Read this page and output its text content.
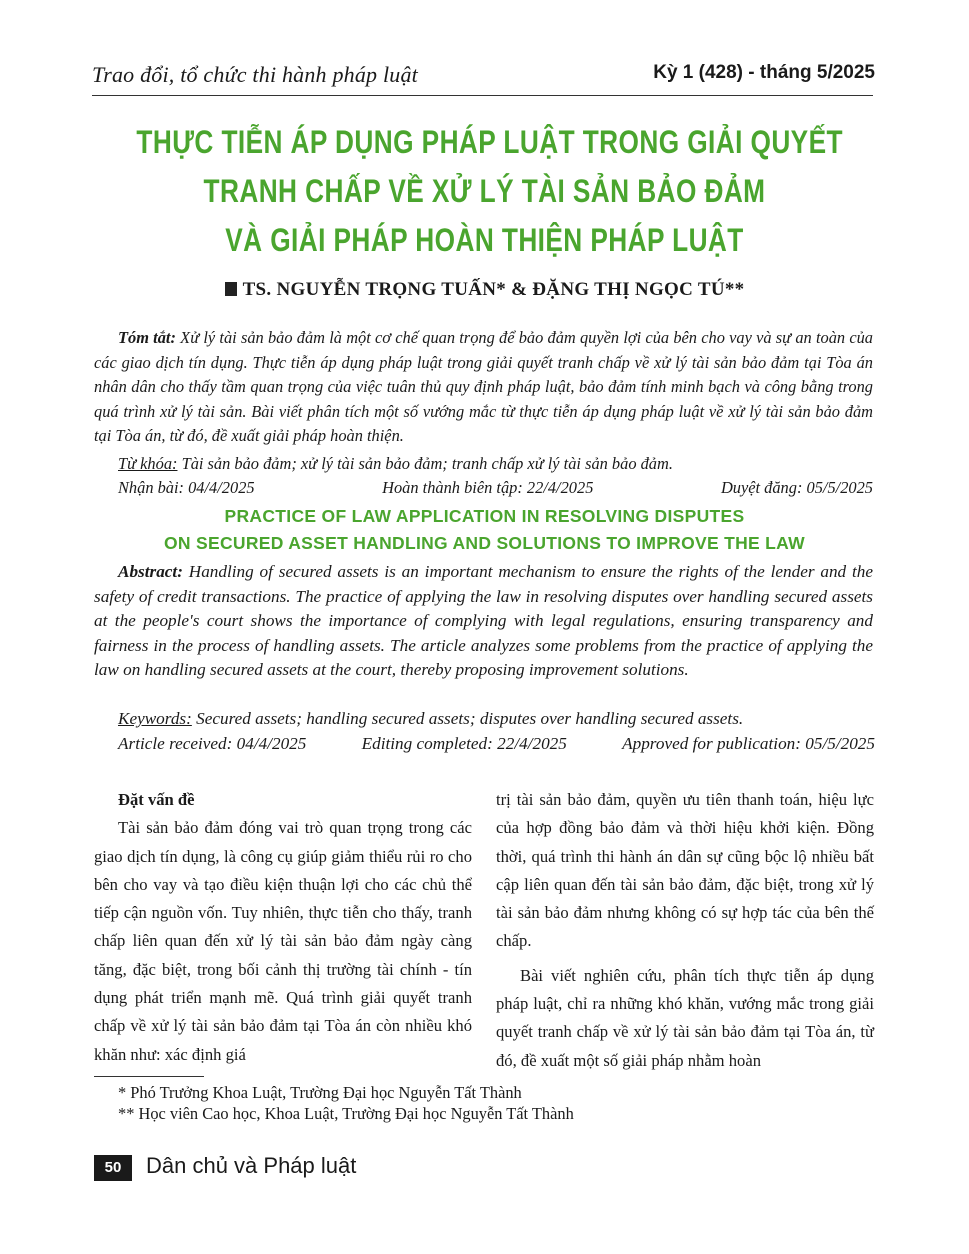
Trao đổi, tổ chức thi hành pháp luật	Kỳ 1 (428) - tháng 5/2025
THỰC TIỄN ÁP DỤNG PHÁP LUẬT TRONG GIẢI QUYẾT
TRANH CHẤP VỀ XỬ LÝ TÀI SẢN BẢO ĐẢM
VÀ GIẢI PHÁP HOÀN THIỆN PHÁP LUẬT
TS. NGUYỄN TRỌNG TUẤN* & ĐẶNG THỊ NGỌC TÚ**
Tóm tắt: Xử lý tài sản bảo đảm là một cơ chế quan trọng để bảo đảm quyền lợi của bên cho vay và sự an toàn của các giao dịch tín dụng. Thực tiễn áp dụng pháp luật trong giải quyết tranh chấp về xử lý tài sản bảo đảm tại Tòa án nhân dân cho thấy tầm quan trọng của việc tuân thủ quy định pháp luật, bảo đảm tính minh bạch và công bằng trong quá trình xử lý tài sản. Bài viết phân tích một số vướng mắc từ thực tiễn áp dụng pháp luật về xử lý tài sản bảo đảm tại Tòa án, từ đó, đề xuất giải pháp hoàn thiện.
Từ khóa: Tài sản bảo đảm; xử lý tài sản bảo đảm; tranh chấp xử lý tài sản bảo đảm.
Nhận bài: 04/4/2025	Hoàn thành biên tập: 22/4/2025	Duyệt đăng: 05/5/2025
PRACTICE OF LAW APPLICATION IN RESOLVING DISPUTES
ON SECURED ASSET HANDLING AND SOLUTIONS TO IMPROVE THE LAW
Abstract: Handling of secured assets is an important mechanism to ensure the rights of the lender and the safety of credit transactions. The practice of applying the law in resolving disputes over handling secured assets at the people's court shows the importance of complying with legal regulations, ensuring transparency and fairness in the process of handling assets. The article analyzes some problems from the practice of applying the law on handling secured assets at the court, thereby proposing improvement solutions.
Keywords: Secured assets; handling secured assets; disputes over handling secured assets.
Article received: 04/4/2025	Editing completed: 22/4/2025	Approved for publication: 05/5/2025
Đặt vấn đề

Tài sản bảo đảm đóng vai trò quan trọng trong các giao dịch tín dụng, là công cụ giúp giảm thiểu rủi ro cho bên cho vay và tạo điều kiện thuận lợi cho các chủ thể tiếp cận nguồn vốn. Tuy nhiên, thực tiễn cho thấy, tranh chấp liên quan đến xử lý tài sản bảo đảm ngày càng tăng, đặc biệt, trong bối cảnh thị trường tài chính - tín dụng phát triển mạnh mẽ. Quá trình giải quyết tranh chấp về xử lý tài sản bảo đảm tại Tòa án còn nhiều khó khăn như: xác định giá

trị tài sản bảo đảm, quyền ưu tiên thanh toán, hiệu lực của hợp đồng bảo đảm và thời hiệu khởi kiện. Đồng thời, quá trình thi hành án dân sự cũng bộc lộ nhiều bất cập liên quan đến tài sản bảo đảm, đặc biệt, trong xử lý tài sản bảo đảm nhưng không có sự hợp tác của bên thế chấp.

Bài viết nghiên cứu, phân tích thực tiễn áp dụng pháp luật, chỉ ra những khó khăn, vướng mắc trong giải quyết tranh chấp về xử lý tài sản bảo đảm tại Tòa án, từ đó, đề xuất một số giải pháp nhằm hoàn

* Phó Trưởng Khoa Luật, Trường Đại học Nguyễn Tất Thành
** Học viên Cao học, Khoa Luật, Trường Đại học Nguyễn Tất Thành
50	Dân chủ và Pháp luật
